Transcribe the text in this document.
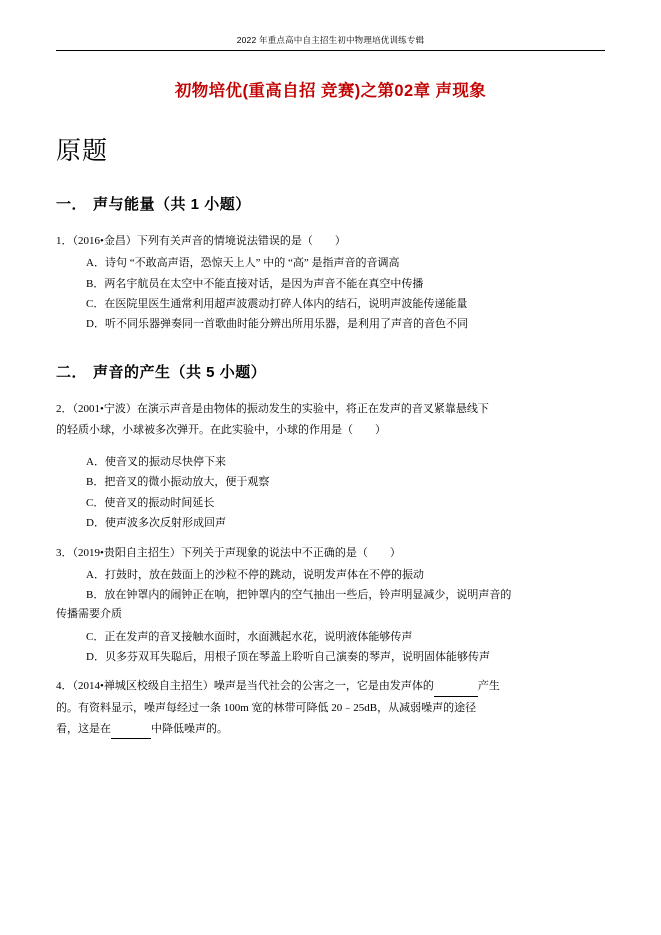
2022 年重点高中自主招生初中物理培优训练专辑
初物培优(重高自招 竞赛)之第02章 声现象
原题
一． 声与能量（共 1 小题）

1．（2016•金昌）下列有关声音的情境说法错误的是（　　）

A．诗句 “不敢高声语，恐惊天上人” 中的 “高” 是指声音的音调高

B．两名宇航员在太空中不能直接对话，是因为声音不能在真空中传播

C．在医院里医生通常利用超声波震动打碎人体内的结石，说明声波能传递能量

D．听不同乐器弹奏同一首歌曲时能分辨出所用乐器，是利用了声音的音色不同

二． 声音的产生（共 5 小题）

2．（2001•宁波）在演示声音是由物体的振动发生的实验中，将正在发声的音叉紧靠悬线下

的轻质小球，小球被多次弹开。在此实验中，小球的作用是（　　）

A．使音叉的振动尽快停下来

B．把音叉的微小振动放大，便于观察

C．使音叉的振动时间延长

D．使声波多次反射形成回声

3．（2019•贵阳自主招生）下列关于声现象的说法中不正确的是（　　）

A．打鼓时，放在鼓面上的沙粒不停的跳动，说明发声体在不停的振动

B．放在钟罩内的闹钟正在响，把钟罩内的空气抽出一些后，铃声明显减少，说明声音的

传播需要介质

C．正在发声的音叉接触水面时，水面溅起水花，说明液体能够传声

D．贝多芬双耳失聪后，用根子顶在琴盖上聆听自己演奏的琴声，说明固体能够传声

4．（2014•禅城区校级自主招生）噪声是当代社会的公害之一，它是由发声体的	产生

的。有资料显示，噪声每经过一条 100m 宽的林带可降低 20﹣25dB，从减弱噪声的途径

看，这是在	中降低噪声的。
